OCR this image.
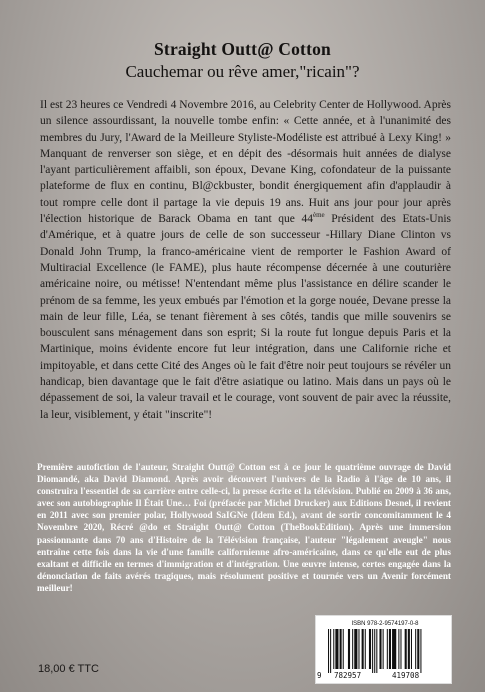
Straight Outt@ Cotton
Cauchemar ou rêve amer,"ricain"?

Il est 23 heures ce Vendredi 4 Novembre 2016, au Celebrity Center de Hollywood. Après un silence assourdissant, la nouvelle tombe enfin: « Cette année, et à l'unanimité des membres du Jury, l'Award de la Meilleure Styliste-Modéliste est attribué à Lexy King! » Manquant de renverser son siège, et en dépit des -désormais huit années de dialyse l'ayant particulièrement affaibli, son époux, Devane King, cofondateur de la puissante plateforme de flux en continu, Bl@ckbuster, bondit énergiquement afin d'applaudir à tout rompre celle dont il partage la vie depuis 19 ans. Huit ans jour pour jour après l'élection historique de Barack Obama en tant que 44ème Président des Etats-Unis d'Amérique, et à quatre jours de celle de son successeur -Hillary Diane Clinton vs Donald John Trump, la franco-américaine vient de remporter le Fashion Award of Multiracial Excellence (le FAME), plus haute récompense décernée à une couturière américaine noire, ou métisse! N'entendant même plus l'assistance en délire scander le prénom de sa femme, les yeux embués par l'émotion et la gorge nouée, Devane presse la main de leur fille, Léa, se tenant fièrement à ses côtés, tandis que mille souvenirs se bousculent sans ménagement dans son esprit; Si la route fut longue depuis Paris et la Martinique, moins évidente encore fut leur intégration, dans une Californie riche et impitoyable, et dans cette Cité des Anges où le fait d'être noir peut toujours se révéler un handicap, bien davantage que le fait d'être asiatique ou latino. Mais dans un pays où le dépassement de soi, la valeur travail et le courage, vont souvent de pair avec la réussite, la leur, visiblement, y était "inscrite"!

Première autofiction de l'auteur, Straight Outt@ Cotton est à ce jour le quatrième ouvrage de David Diomandé, aka David Diamond. Après avoir découvert l'univers de la Radio à l'âge de 10 ans, il construira l'essentiel de sa carrière entre celle-ci, la presse écrite et la télévision. Publié en 2009 à 36 ans, avec son autobiographie Il Était Une… Foi (préfacée par Michel Drucker) aux Editions Desnel, il revient en 2011 avec son premier polar, Hollywood SaIGNe (Idem Ed.), avant de sortir concomitamment le 4 Novembre 2020, Récré @do et Straight Outt@ Cotton (TheBookEdition). Après une immersion passionnante dans 70 ans d'Histoire de la Télévision française, l'auteur "légalement aveugle" nous entraîne cette fois dans la vie d'une famille californienne afro-américaine, dans ce qu'elle eut de plus exaltant et difficile en termes d'immigration et d'intégration. Une œuvre intense, certes engagée dans la dénonciation de faits avérés tragiques, mais résolument positive et tournée vers un Avenir forcément meilleur!

ISBN 978-2-9574197-0-8
9 782957	419708
18,00 € TTC
